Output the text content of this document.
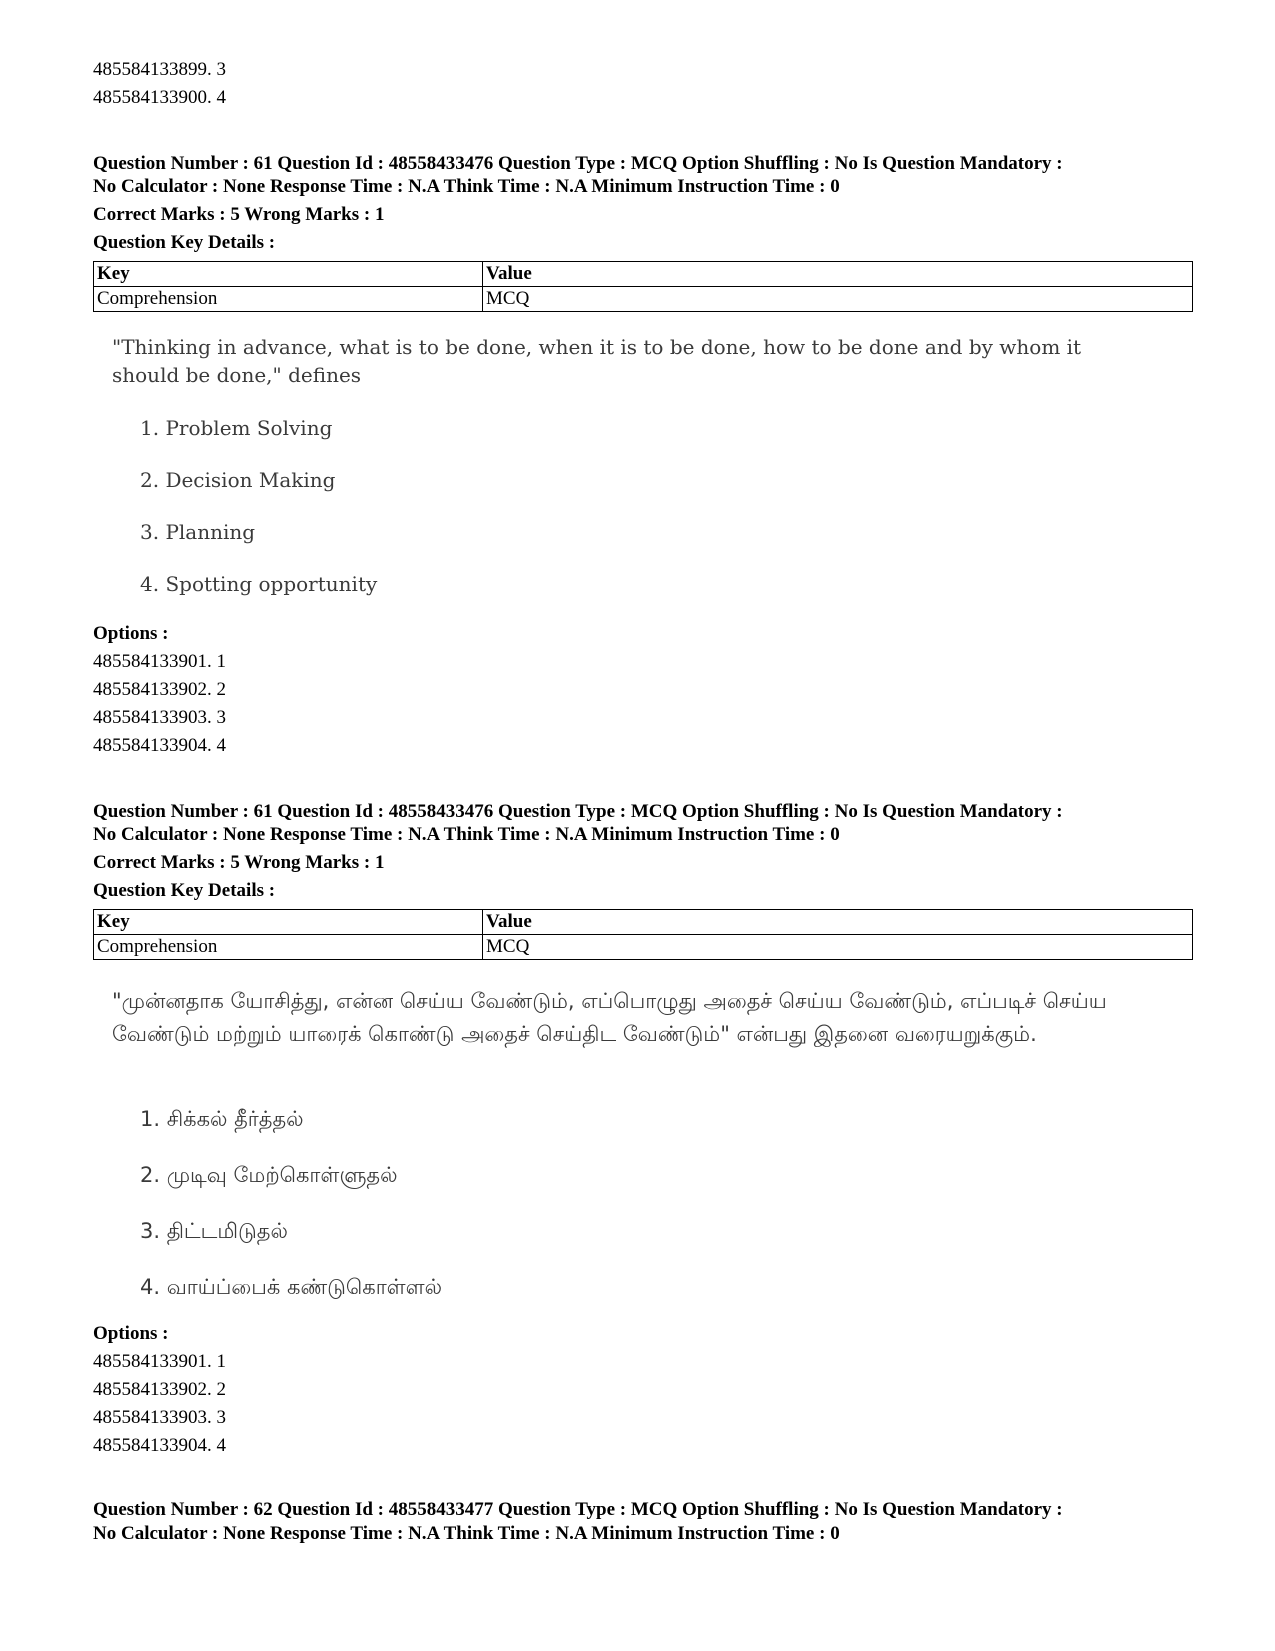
485584133899. 3
485584133900. 4
Question Number : 61 Question Id : 48558433476 Question Type : MCQ Option Shuffling : No Is Question Mandatory :
No Calculator : None Response Time : N.A Think Time : N.A Minimum Instruction Time : 0
Correct Marks : 5 Wrong Marks : 1
Question Key Details :
Key	Value
Comprehension	MCQ
"Thinking in advance, what is to be done, when it is to be done, how to be done and by whom it should be done," defines
1. Problem Solving
2. Decision Making
3. Planning
4. Spotting opportunity
Options :
485584133901. 1
485584133902. 2
485584133903. 3
485584133904. 4
Question Number : 61 Question Id : 48558433476 Question Type : MCQ Option Shuffling : No Is Question Mandatory :
No Calculator : None Response Time : N.A Think Time : N.A Minimum Instruction Time : 0
Correct Marks : 5 Wrong Marks : 1
Question Key Details :
Key	Value
Comprehension	MCQ
"முன்னதாக யோசித்து, என்ன செய்ய வேண்டும், எப்பொழுது அதைச் செய்ய வேண்டும், எப்படிச் செய்ய வேண்டும் மற்றும் யாரைக் கொண்டு அதைச் செய்திட வேண்டும்" என்பது இதனை வரையறுக்கும்.
1. சிக்கல் தீர்த்தல்
2. முடிவு மேற்கொள்ளுதல்
3. திட்டமிடுதல்
4. வாய்ப்பைக் கண்டுகொள்ளல்
Options :
485584133901. 1
485584133902. 2
485584133903. 3
485584133904. 4
Question Number : 62 Question Id : 48558433477 Question Type : MCQ Option Shuffling : No Is Question Mandatory :
No Calculator : None Response Time : N.A Think Time : N.A Minimum Instruction Time : 0
